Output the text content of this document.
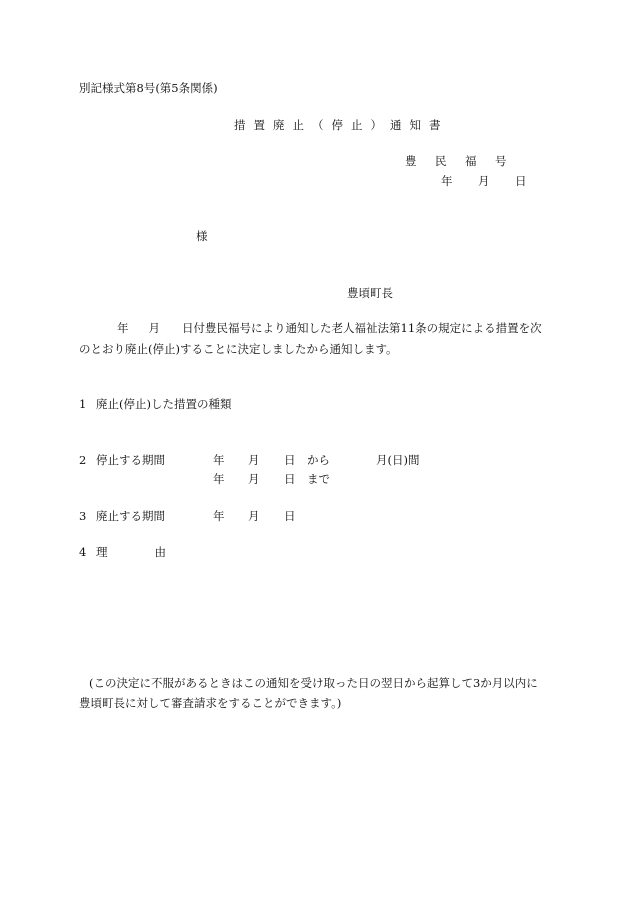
別記様式第8号(第5条関係)
措 置 廃 止 （ 停 止 ） 通 知 書
豊 民 福 号
年 月 日
様
豊頃町長
年 月 日付豊民福号により通知した老人福祉法第11条の規定による措置を次
のとおり廃止(停止)することに決定しましたから通知します。
1 廃止(停止)した措置の種類
2 停止する期間	年 月 日 から	月(日)間
年 月 日 まで
3 廃止する期間	年 月 日
4 理	由
(この決定に不服があるときはこの通知を受け取った日の翌日から起算して3か月以内に
豊頃町長に対して審査請求をすることができます。)
